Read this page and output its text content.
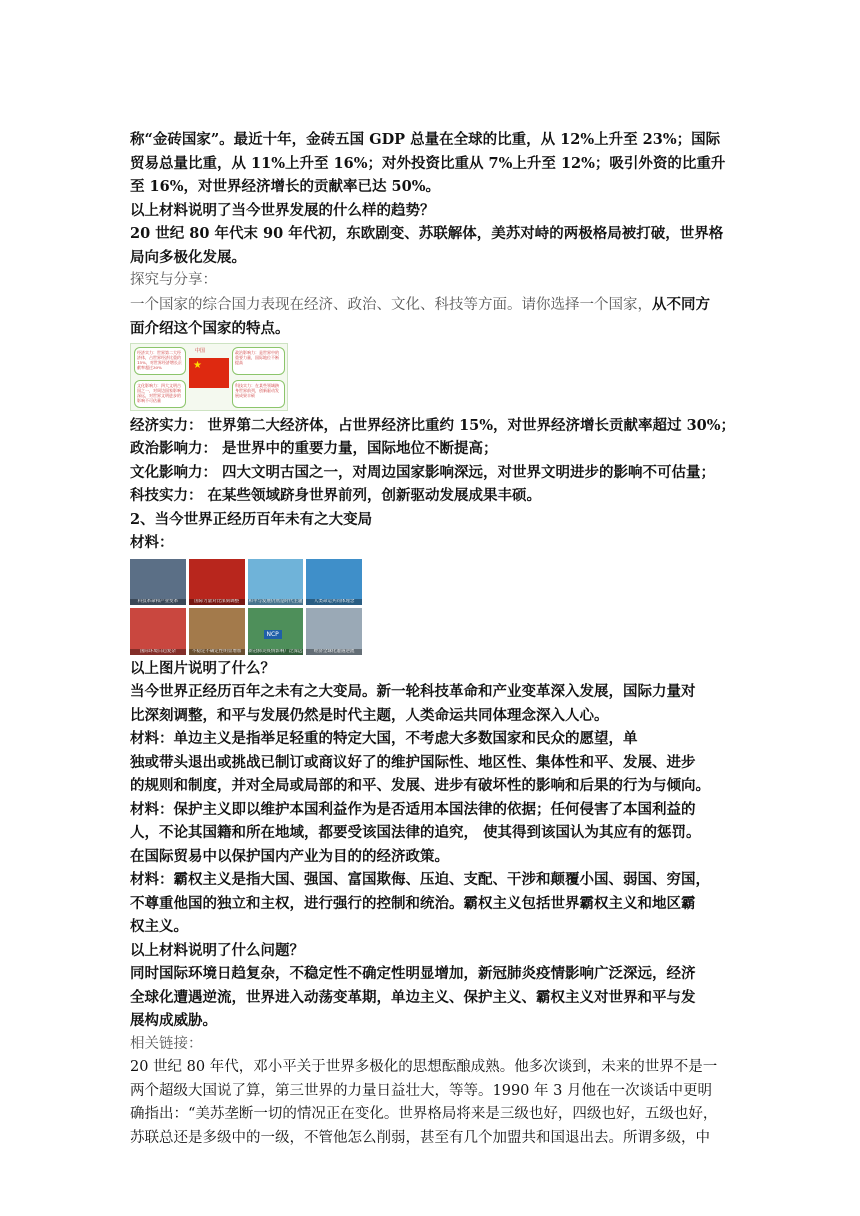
称“金砖国家”。最近十年，金砖五国 GDP 总量在全球的比重，从 12%上升至 23%；国际

贸易总量比重，从 11%上升至 16%；对外投资比重从 7%上升至 12%；吸引外资的比重升

至 16%，对世界经济增长的贡献率已达 50%。

以上材料说明了当今世界发展的什么样的趋势？

20 世纪 80 年代末 90 年代初，东欧剧变、苏联解体，美苏对峙的两极格局被打破，世界格

局向多极化发展。

探究与分享：

一个国家的综合国力表现在经济、政治、文化、科技等方面。请你选择一个国家，从不同方

面介绍这个国家的特点。

中国
经济实力：世界第二大经济体，占世界经济比重约15%，对世界经济增长贡献率超过30%
文化影响力：四大文明古国之一，对周边国家影响深远，对世界文明进步的影响不可估量
政治影响力：是世界中的重要力量，国际地位不断提高
科技实力：在某些领域跻身世界前列，创新驱动发展成果丰硕
★

经济实力： 世界第二大经济体，占世界经济比重约 15%，对世界经济增长贡献率超过 30%；

政治影响力： 是世界中的重要力量，国际地位不断提高；

文化影响力： 四大文明古国之一，对周边国家影响深远，对世界文明进步的影响不可估量；

科技实力： 在某些领域跻身世界前列，创新驱动发展成果丰硕。

2、当今世界正经历百年未有之大变局

材料：

科技革命和产业变革	国际力量对比深刻调整	和平与发展仍然是时代主题	人类命运共同体理念
国际环境日趋复杂	不稳定不确定性明显增加	新冠肺炎疫情影响广泛深远
NCP
经济全球化遭遇逆流

以上图片说明了什么？

当今世界正经历百年之未有之大变局。新一轮科技革命和产业变革深入发展，国际力量对

比深刻调整，和平与发展仍然是时代主题，人类命运共同体理念深入人心。

材料：单边主义是指举足轻重的特定大国，不考虑大多数国家和民众的愿望，单

独或带头退出或挑战已制订或商议好了的维护国际性、地区性、集体性和平、发展、进步

的规则和制度，并对全局或局部的和平、发展、进步有破坏性的影响和后果的行为与倾向。

材料：保护主义即以维护本国利益作为是否适用本国法律的依据；任何侵害了本国利益的

人，不论其国籍和所在地域，都要受该国法律的追究， 使其得到该国认为其应有的惩罚。

在国际贸易中以保护国内产业为目的的经济政策。

材料：霸权主义是指大国、强国、富国欺侮、压迫、支配、干涉和颠覆小国、弱国、穷国，

不尊重他国的独立和主权，进行强行的控制和统治。霸权主义包括世界霸权主义和地区霸

权主义。

以上材料说明了什么问题？

同时国际环境日趋复杂，不稳定性不确定性明显增加，新冠肺炎疫情影响广泛深远，经济

全球化遭遇逆流，世界进入动荡变革期，单边主义、保护主义、霸权主义对世界和平与发

展构成威胁。

相关链接：

20 世纪 80 年代，邓小平关于世界多极化的思想酝酿成熟。他多次谈到，未来的世界不是一

两个超级大国说了算，第三世界的力量日益壮大，等等。1990 年 3 月他在一次谈话中更明

确指出：“美苏垄断一切的情况正在变化。世界格局将来是三级也好，四级也好，五级也好，

苏联总还是多级中的一级，不管他怎么削弱，甚至有几个加盟共和国退出去。所谓多级，中
